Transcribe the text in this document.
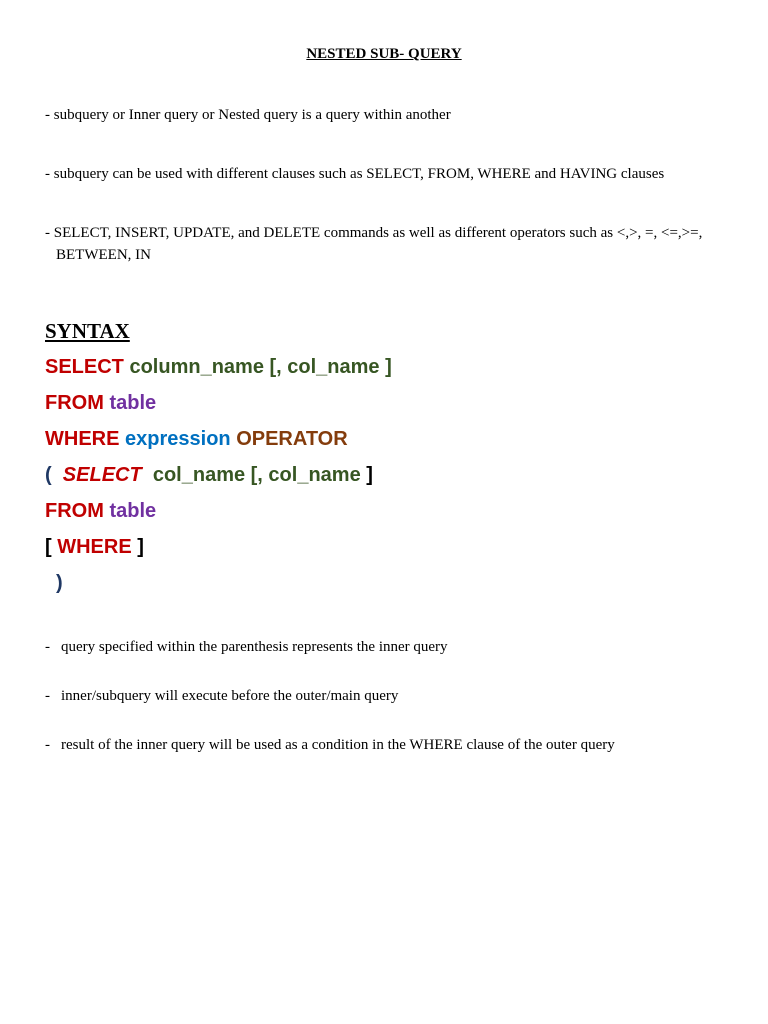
NESTED SUB- QUERY
- subquery or Inner query or Nested query is a query within another
- subquery can be used with different clauses such as SELECT, FROM, WHERE and HAVING clauses
- SELECT, INSERT, UPDATE, and DELETE commands as well as different operators such as <,>, =, <=,>=,
BETWEEN, IN
SYNTAX
SELECT column_name [, col_name ]
FROM table
WHERE expression OPERATOR
( SELECT col_name [, col_name ]
FROM table
[ WHERE ]
)
- query specified within the parenthesis represents the inner query
- inner/subquery will execute before the outer/main query
- result of the inner query will be used as a condition in the WHERE clause of the outer query
